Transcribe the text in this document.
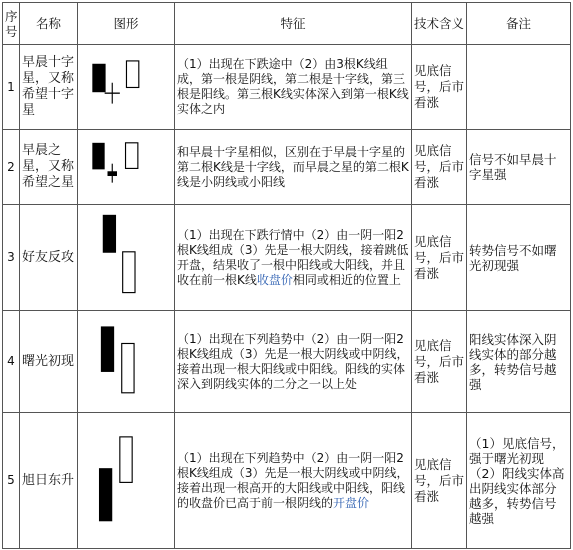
序号	名称	图形	特征	技术含义	备注
1	早晨十字星，又称希望十字星		（1）出现在下跌途中（2）由3根K线组成，第一根是阴线，第二根是十字线，第三根是阳线。第三根K线实体深入到第一根K线实体之内	见底信号，后市看涨	
2	早晨之星，又称希望之星		和早晨十字星相似，区别在于早晨十字星的第二根K线是十字线，而早晨之星的第二根K线是小阴线或小阳线	见底信号，后市看涨	信号不如早晨十字星强
3	好友反攻		（1）出现在下跌行情中（2）由一阴一阳2根K线组成（3）先是一根大阴线，接着跳低开盘，结果收了一根中阳线或大阳线，并且收在前一根K线收盘价相同或相近的位置上	见底信号，后市看涨	转势信号不如曙光初现强
4	曙光初现		（1）出现在下列趋势中（2）由一阴一阳2根K线组成（3）先是一根大阴线或中阴线，接着出现一根大阳线或中阳线。阳线的实体深入到阴线实体的二分之一以上处	见底信号，后市看涨	阳线实体深入阴线实体的部分越多，转势信号越强
5	旭日东升		（1）出现在下列趋势中（2）由一阴一阳2根K线组成（3）先是一根大阴线或中阴线，接着出现一根高开的大阳线或中阳线，阳线的收盘价已高于前一根阴线的开盘价	见底信号，后市看涨	（1）见底信号，强于曙光初现（2）阳线实体高出阴线实体部分越多，转势信号越强
